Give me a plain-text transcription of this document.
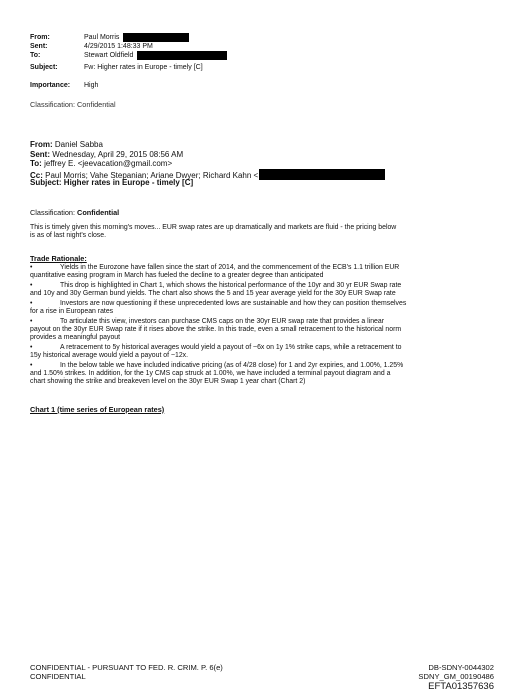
From:	Paul Morris
Sent:	4/29/2015 1:48:33 PM
To:	Stewart Oldfield
Subject:	Fw: Higher rates in Europe - timely [C]
Importance: High
Classification: Confidential
From: Daniel Sabba
Sent: Wednesday, April 29, 2015 08:56 AM
To: jeffrey E. <jeevacation@gmail.com>
Cc: Paul Morris; Vahe Stepanian; Ariane Dwyer; Richard Kahn <
Subject: Higher rates in Europe - timely [C]
Classification: Confidential
This is timely given this morning's moves... EUR swap rates are up dramatically and markets are fluid - the pricing below
is as of last night's close.
Trade Rationale:
•	Yields in the Eurozone have fallen since the start of 2014, and the commencement of the ECB's 1.1 trillion EUR
quantitative easing program in March has fueled the decline to a greater degree than anticipated
•	This drop is highlighted in Chart 1, which shows the historical performance of the 10yr and 30 yr EUR Swap rate
and 10y and 30y German bund yields. The chart also shows the 5 and 15 year average yield for the 30y EUR Swap rate
•	Investors are now questioning if these unprecedented lows are sustainable and how they can position themselves
for a rise in European rates
•	To articulate this view, investors can purchase CMS caps on the 30yr EUR swap rate that provides a linear
payout on the 30yr EUR Swap rate if it rises above the strike. In this trade, even a small retracement to the historical norm
provides a meaningful payout
•	A retracement to 5y historical averages would yield a payout of ~6x on 1y 1% strike caps, while a retracement to
15y historical average would yield a payout of ~12x.
•	In the below table we have included indicative pricing (as of 4/28 close) for 1 and 2yr expiries, and 1.00%, 1.25%
and 1.50% strikes. In addition, for the 1y CMS cap struck at 1.00%, we have included a terminal payout diagram and a
chart showing the strike and breakeven level on the 30yr EUR Swap 1 year chart (Chart 2)
Chart 1 (time series of European rates)
CONFIDENTIAL - PURSUANT TO FED. R. CRIM. P. 6(e)
CONFIDENTIAL
DB-SDNY-0044302
SDNY_GM_00190486
EFTA01357636
